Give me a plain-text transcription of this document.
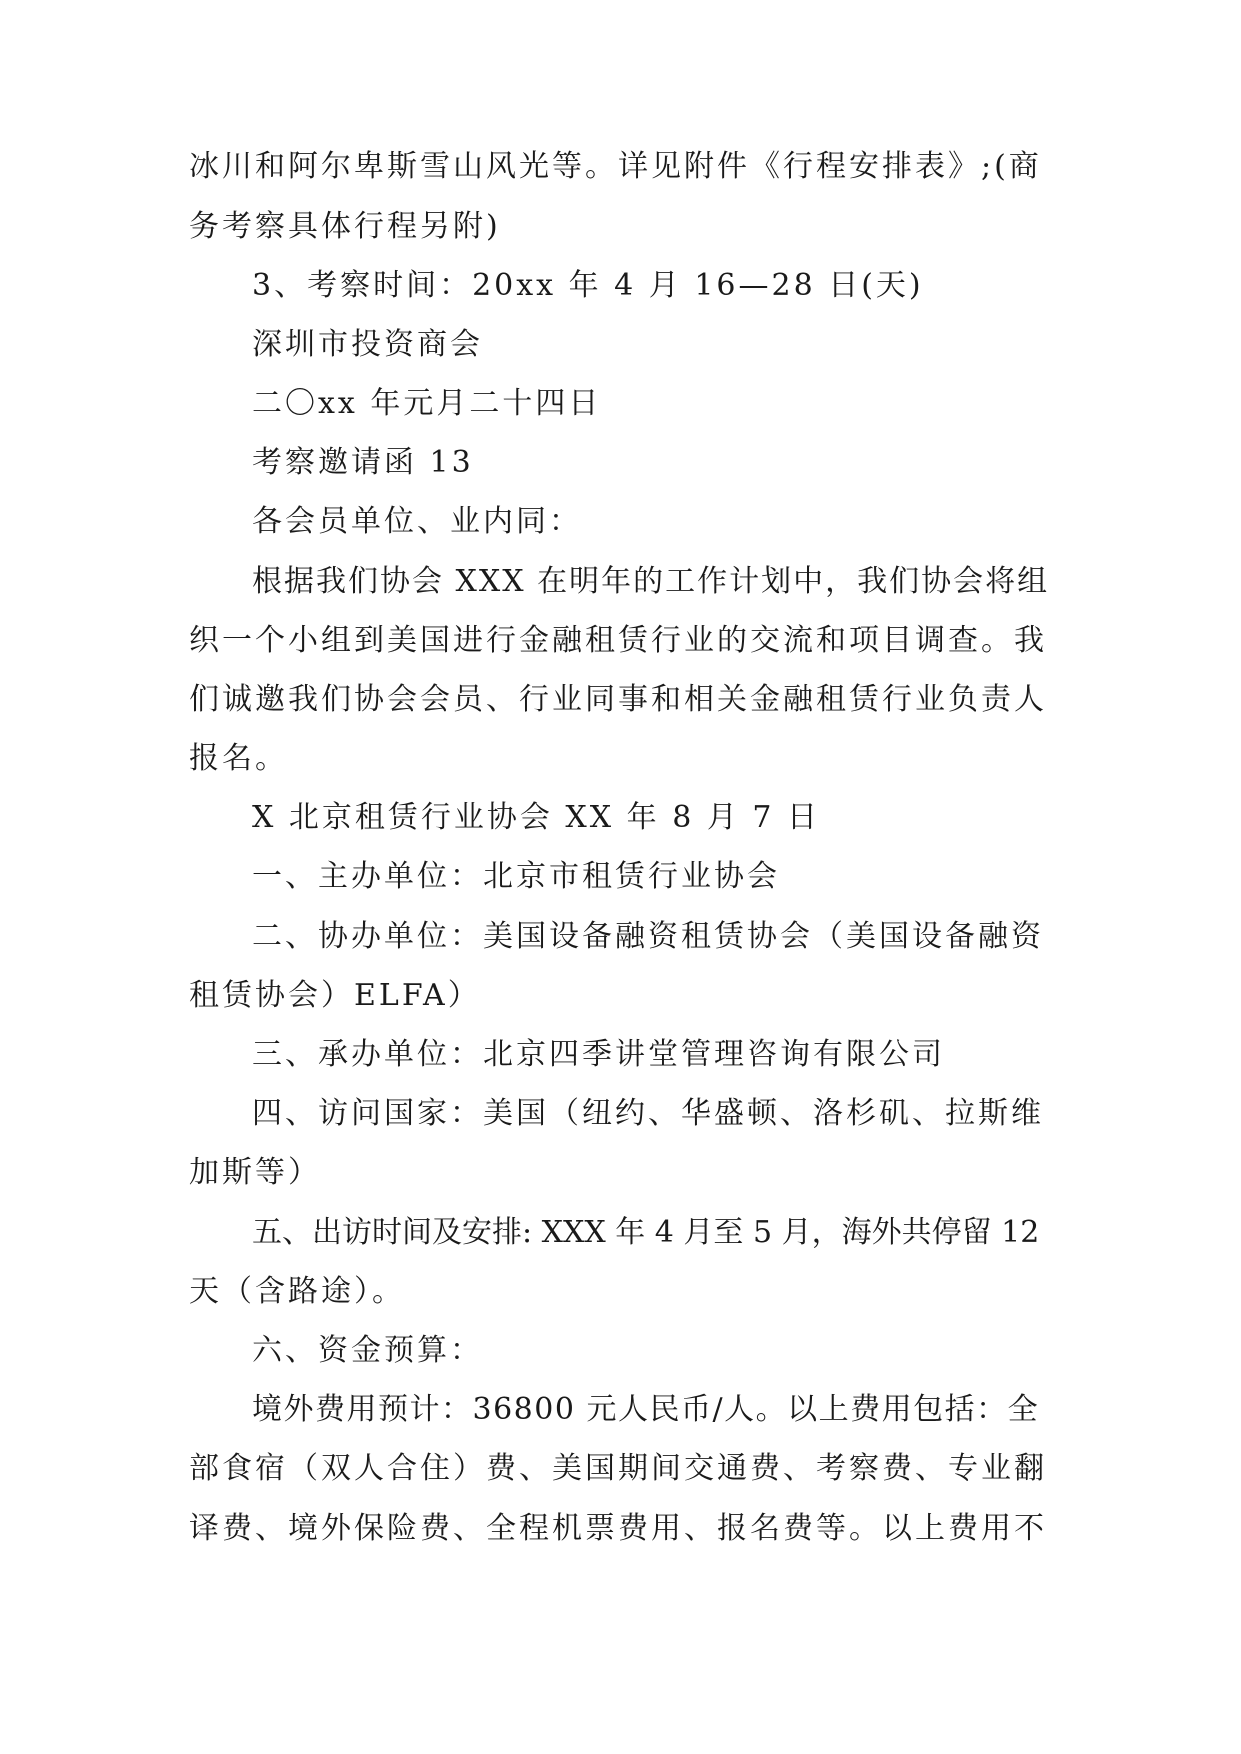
冰川和阿尔卑斯雪山风光等。详见附件《行程安排表》;(商
务考察具体行程另附)
3、考察时间：20xx 年 4 月 16—28 日(天)
深圳市投资商会
二〇xx 年元月二十四日
考察邀请函 13
各会员单位、业内同：
根据我们协会 XXX 在明年的工作计划中，我们协会将组
织一个小组到美国进行金融租赁行业的交流和项目调查。我
们诚邀我们协会会员、行业同事和相关金融租赁行业负责人
报名。
X 北京租赁行业协会 XX 年 8 月 7 日
一、主办单位：北京市租赁行业协会
二、协办单位：美国设备融资租赁协会（美国设备融资
租赁协会）ELFA）
三、承办单位：北京四季讲堂管理咨询有限公司
四、访问国家：美国（纽约、华盛顿、洛杉矶、拉斯维
加斯等）
五、出访时间及安排: XXX 年 4 月至 5 月，海外共停留 12
天（含路途）。
六、资金预算：
境外费用预计：36800 元人民币/人。以上费用包括：全
部食宿（双人合住）费、美国期间交通费、考察费、专业翻
译费、境外保险费、全程机票费用、报名费等。以上费用不
